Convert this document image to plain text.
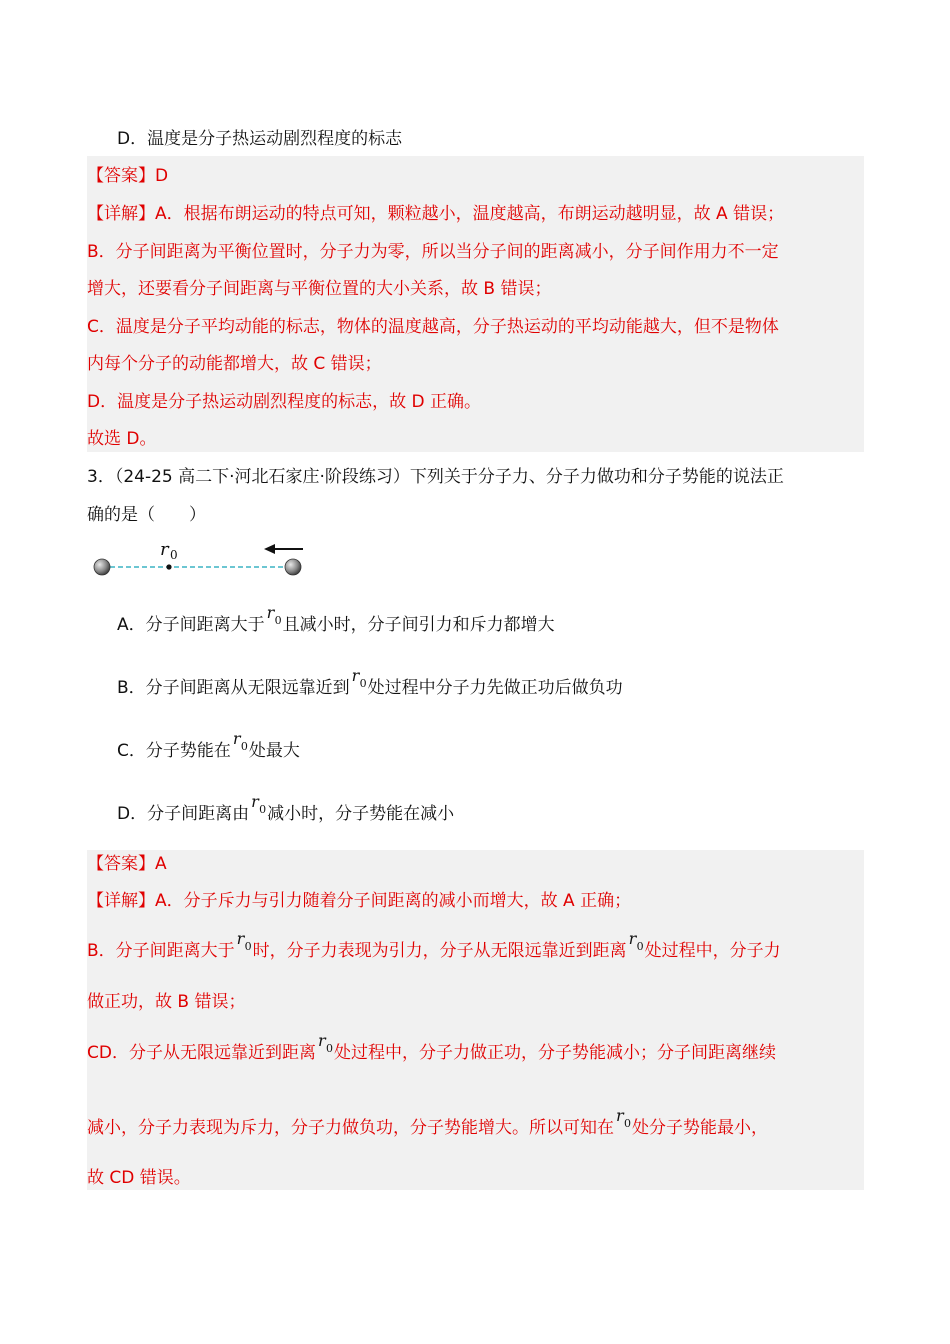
D．温度是分子热运动剧烈程度的标志
【答案】D
【详解】A．根据布朗运动的特点可知，颗粒越小，温度越高，布朗运动越明显，故 A 错误；
B．分子间距离为平衡位置时，分子力为零，所以当分子间的距离减小，分子间作用力不一定
增大，还要看分子间距离与平衡位置的大小关系，故 B 错误；
C．温度是分子平均动能的标志，物体的温度越高，分子热运动的平均动能越大，但不是物体
内每个分子的动能都增大，故 C 错误；
D．温度是分子热运动剧烈程度的标志，故 D 正确。
故选 D。
3．（24-25 高二下·河北石家庄·阶段练习）下列关于分子力、分子力做功和分子势能的说法正
确的是（　　）
r 0
A．分子间距离大于
r 0 且减小时，分子间引力和斥力都增大
B．分子间距离从无限远靠近到
r 0 处过程中分子力先做正功后做负功
C．分子势能在
r 0 处最大
D．分子间距离由
r 0 减小时，分子势能在减小
【答案】A
【详解】A．分子斥力与引力随着分子间距离的减小而增大，故 A 正确；
B．分子间距离大于
r 0 时，分子力表现为引力，分子从无限远靠近到距离
r 0 处过程中，分子力
做正功，故 B 错误；
CD．分子从无限远靠近到距离
r 0 处过程中，分子力做正功，分子势能减小；分子间距离继续
减小，分子力表现为斥力，分子力做负功，分子势能增大。所以可知在
r 0 处分子势能最小，
故 CD 错误。
